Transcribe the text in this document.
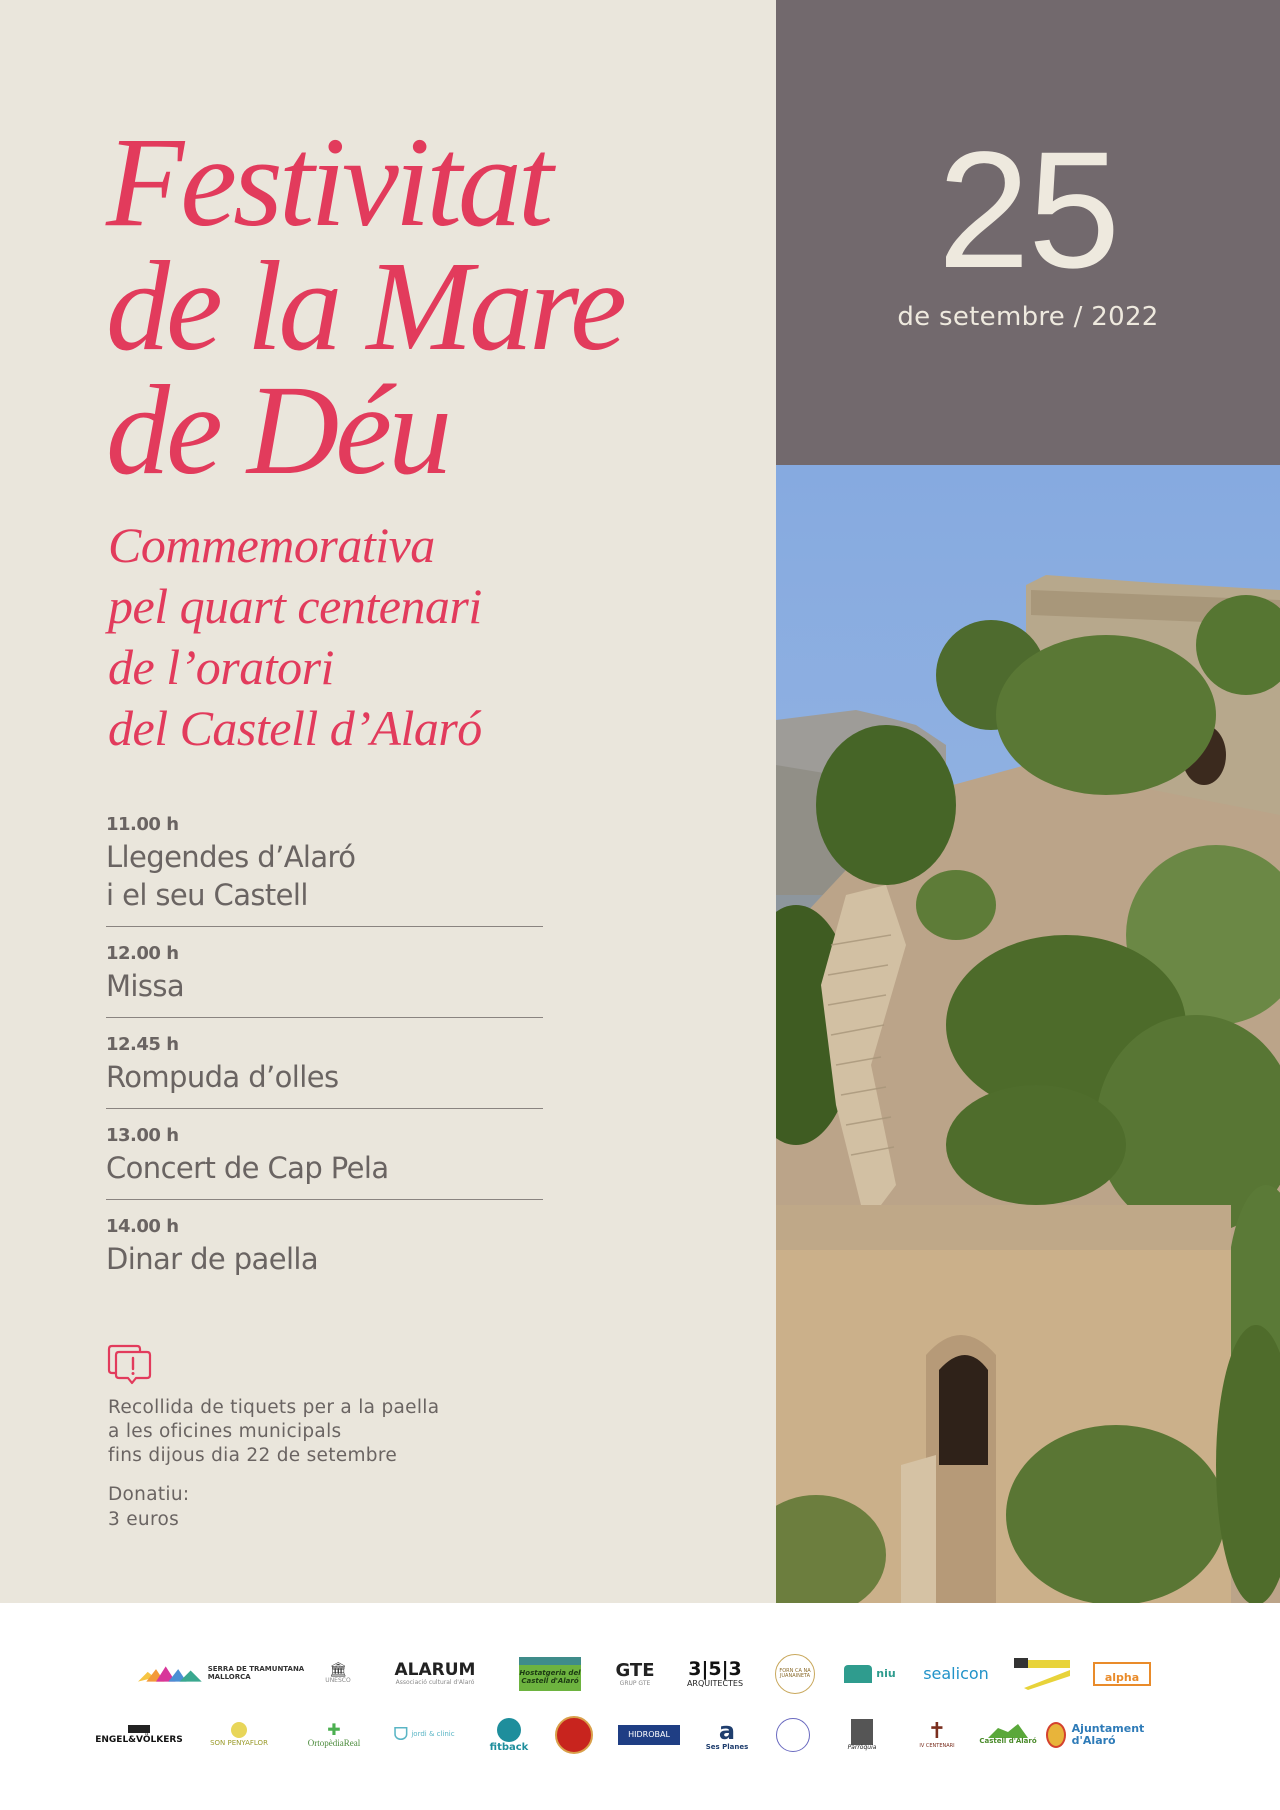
25
de setembre / 2022
Festivitat
de la Mare
de Déu
Commemorativa
pel quart centenari
de l’oratori
del Castell d’Alaró
11.00 h
Llegendes d’Alaró
i el seu Castell
12.00 h
Missa
12.45 h
Rompuda d’olles
13.00 h
Concert de Cap Pela
14.00 h
Dinar de paella
Recollida de tiquets per a la paella
a les oficines municipals
fins dijous dia 22 de setembre
Donatiu:
3 euros
SERRA DE TRAMUNTANA MALLORCA	🏛
UNESCO
ALARUM
Associació cultural d'Alaró
Hostatgeria del Castell d'Alaró
GTE
GRUP GTE
3|5|3
ARQUITECTES
FORN CA NA
JUANAINETA	niu sealicon	alpha
ENGEL&VÖLKERS	SON PENYAFLOR
✚
OrtopèdiaReal ᗜ jordi & clinic
fitback
HIDROBAL	a
Ses Planes	Parròquia
✝
IV CENTENARI
Castell d'Alaró
Ajuntament
d'Alaró
